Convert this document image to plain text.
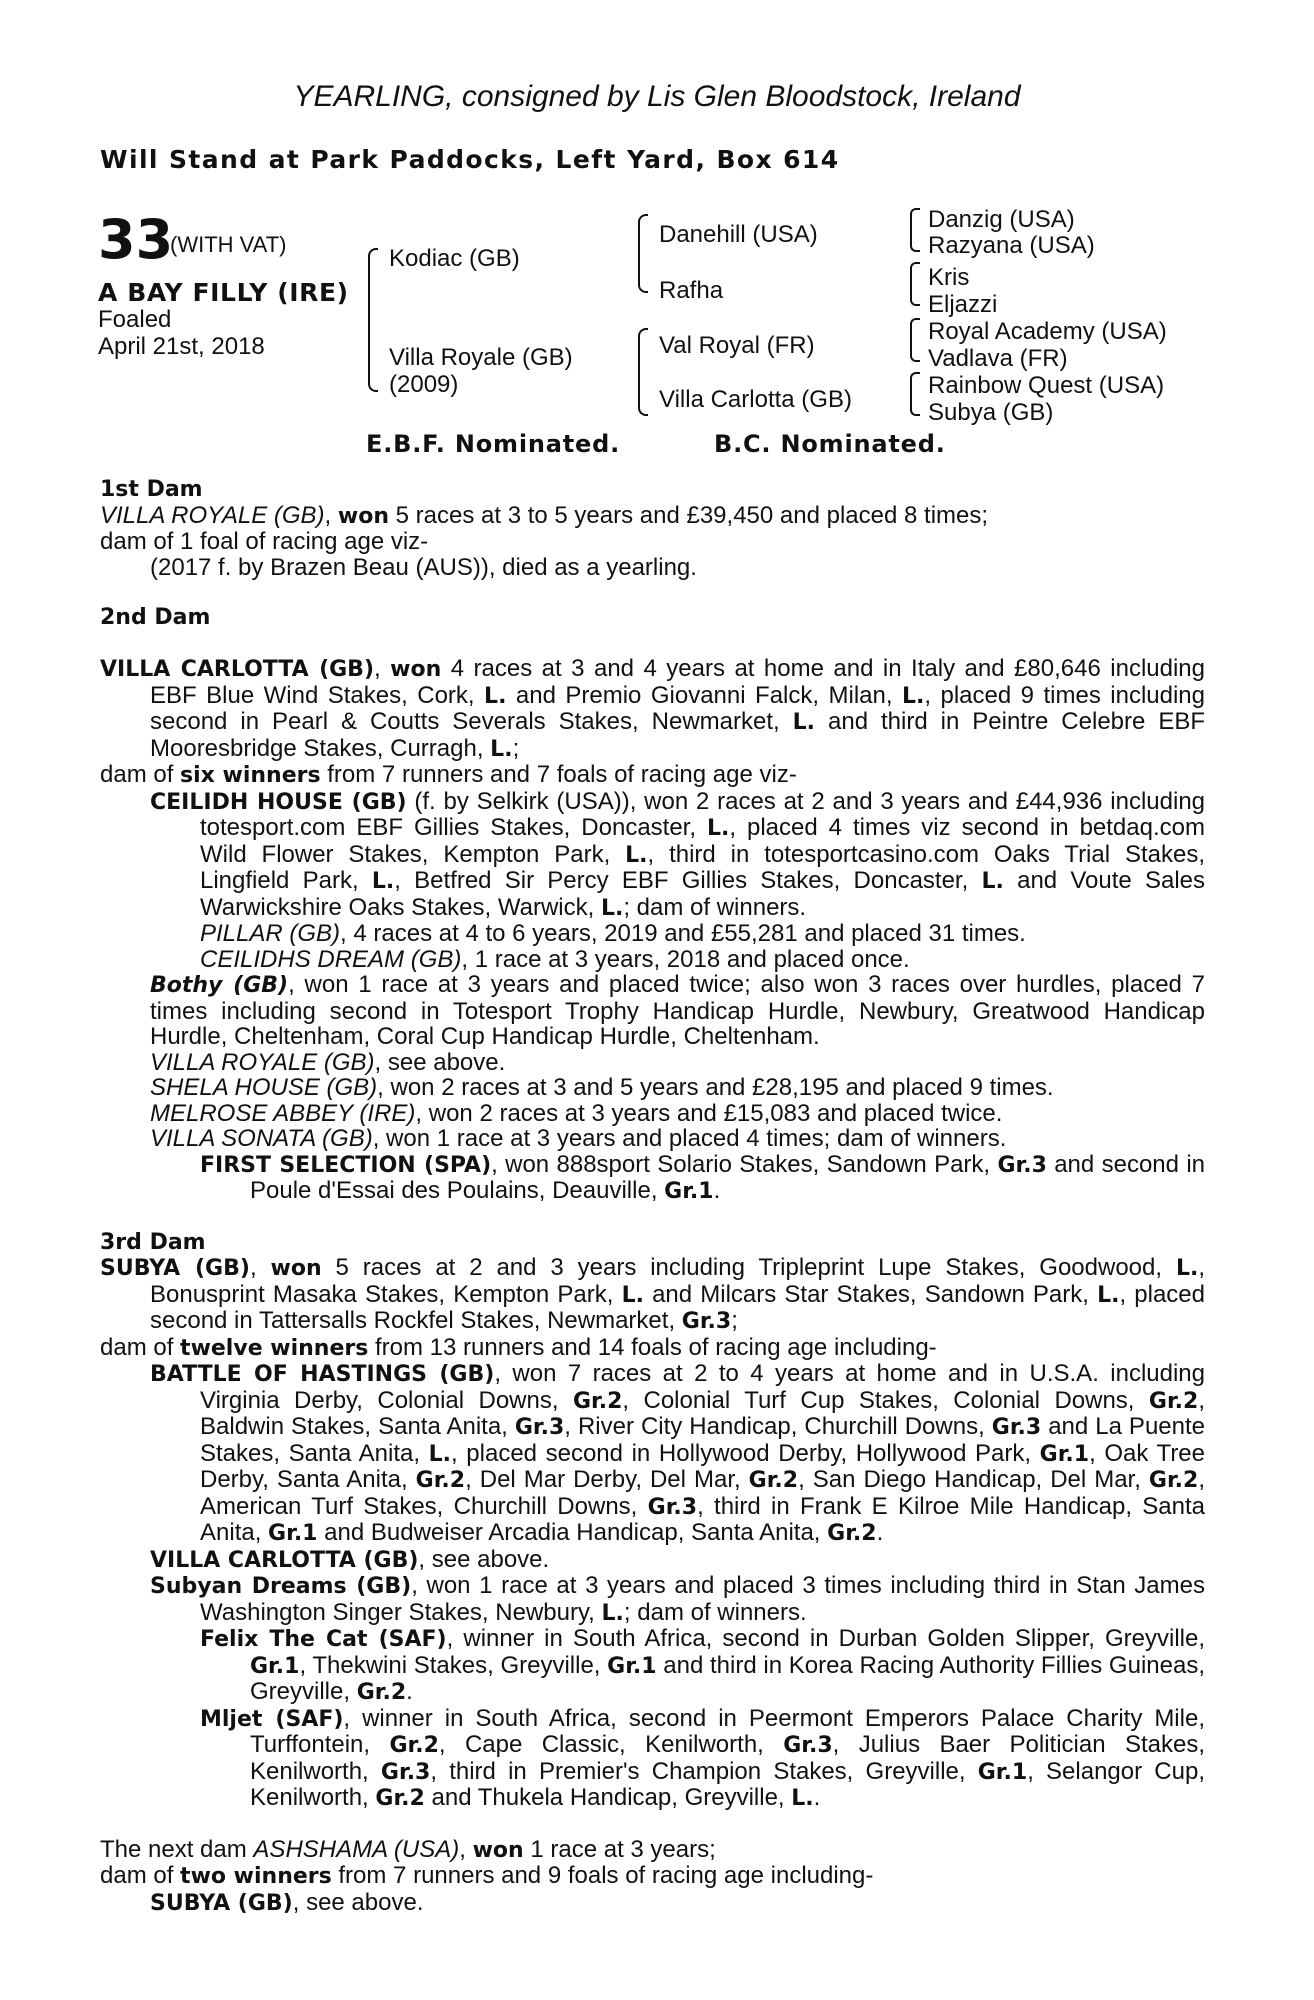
YEARLING, consigned by Lis Glen Bloodstock, Ireland
Will Stand at Park Paddocks, Left Yard, Box 614
33
(WITH VAT)
A BAY FILLY (IRE)
Foaled
April 21st, 2018
Kodiac (GB)
Villa Royale (GB)
(2009)
Danehill (USA)
Rafha
Val Royal (FR)
Villa Carlotta (GB)
Danzig (USA)
Razyana (USA)
Kris
Eljazzi
Royal Academy (USA)
Vadlava (FR)
Rainbow Quest (USA)
Subya (GB)
E.B.F. Nominated.	B.C. Nominated.

1st Dam

VILLA ROYALE (GB), won 5 races at 3 to 5 years and £39,450 and placed 8 times;

dam of 1 foal of racing age viz-

(2017 f. by Brazen Beau (AUS)), died as a yearling.

2nd Dam

VILLA CARLOTTA (GB), won 4 races at 3 and 4 years at home and in Italy and £80,646 including EBF Blue Wind Stakes, Cork, L. and Premio Giovanni Falck, Milan, L., placed 9 times including second in Pearl & Coutts Severals Stakes, Newmarket, L. and third in Peintre Celebre EBF Mooresbridge Stakes, Curragh, L.;

dam of six winners from 7 runners and 7 foals of racing age viz-

CEILIDH HOUSE (GB) (f. by Selkirk (USA)), won 2 races at 2 and 3 years and £44,936 including totesport.com EBF Gillies Stakes, Doncaster, L., placed 4 times viz second in betdaq.com Wild Flower Stakes, Kempton Park, L., third in totesportcasino.com Oaks Trial Stakes, Lingfield Park, L., Betfred Sir Percy EBF Gillies Stakes, Doncaster, L. and Voute Sales Warwickshire Oaks Stakes, Warwick, L.; dam of winners.

PILLAR (GB), 4 races at 4 to 6 years, 2019 and £55,281 and placed 31 times.

CEILIDHS DREAM (GB), 1 race at 3 years, 2018 and placed once.

Bothy (GB), won 1 race at 3 years and placed twice; also won 3 races over hurdles, placed 7 times including second in Totesport Trophy Handicap Hurdle, Newbury, Greatwood Handicap Hurdle, Cheltenham, Coral Cup Handicap Hurdle, Cheltenham.

VILLA ROYALE (GB), see above.

SHELA HOUSE (GB), won 2 races at 3 and 5 years and £28,195 and placed 9 times.

MELROSE ABBEY (IRE), won 2 races at 3 years and £15,083 and placed twice.

VILLA SONATA (GB), won 1 race at 3 years and placed 4 times; dam of winners.

FIRST SELECTION (SPA), won 888sport Solario Stakes, Sandown Park, Gr.3 and second in Poule d'Essai des Poulains, Deauville, Gr.1.

3rd Dam

SUBYA (GB), won 5 races at 2 and 3 years including Tripleprint Lupe Stakes, Goodwood, L., Bonusprint Masaka Stakes, Kempton Park, L. and Milcars Star Stakes, Sandown Park, L., placed second in Tattersalls Rockfel Stakes, Newmarket, Gr.3;

dam of twelve winners from 13 runners and 14 foals of racing age including-

BATTLE OF HASTINGS (GB), won 7 races at 2 to 4 years at home and in U.S.A. including Virginia Derby, Colonial Downs, Gr.2, Colonial Turf Cup Stakes, Colonial Downs, Gr.2, Baldwin Stakes, Santa Anita, Gr.3, River City Handicap, Churchill Downs, Gr.3 and La Puente Stakes, Santa Anita, L., placed second in Hollywood Derby, Hollywood Park, Gr.1, Oak Tree Derby, Santa Anita, Gr.2, Del Mar Derby, Del Mar, Gr.2, San Diego Handicap, Del Mar, Gr.2, American Turf Stakes, Churchill Downs, Gr.3, third in Frank E Kilroe Mile Handicap, Santa Anita, Gr.1 and Budweiser Arcadia Handicap, Santa Anita, Gr.2.

VILLA CARLOTTA (GB), see above.

Subyan Dreams (GB), won 1 race at 3 years and placed 3 times including third in Stan James Washington Singer Stakes, Newbury, L.; dam of winners.

Felix The Cat (SAF), winner in South Africa, second in Durban Golden Slipper, Greyville, Gr.1, Thekwini Stakes, Greyville, Gr.1 and third in Korea Racing Authority Fillies Guineas, Greyville, Gr.2.

Mljet (SAF), winner in South Africa, second in Peermont Emperors Palace Charity Mile, Turffontein, Gr.2, Cape Classic, Kenilworth, Gr.3, Julius Baer Politician Stakes, Kenilworth, Gr.3, third in Premier's Champion Stakes, Greyville, Gr.1, Selangor Cup, Kenilworth, Gr.2 and Thukela Handicap, Greyville, L..

The next dam ASHSHAMA (USA), won 1 race at 3 years;

dam of two winners from 7 runners and 9 foals of racing age including-

SUBYA (GB), see above.
